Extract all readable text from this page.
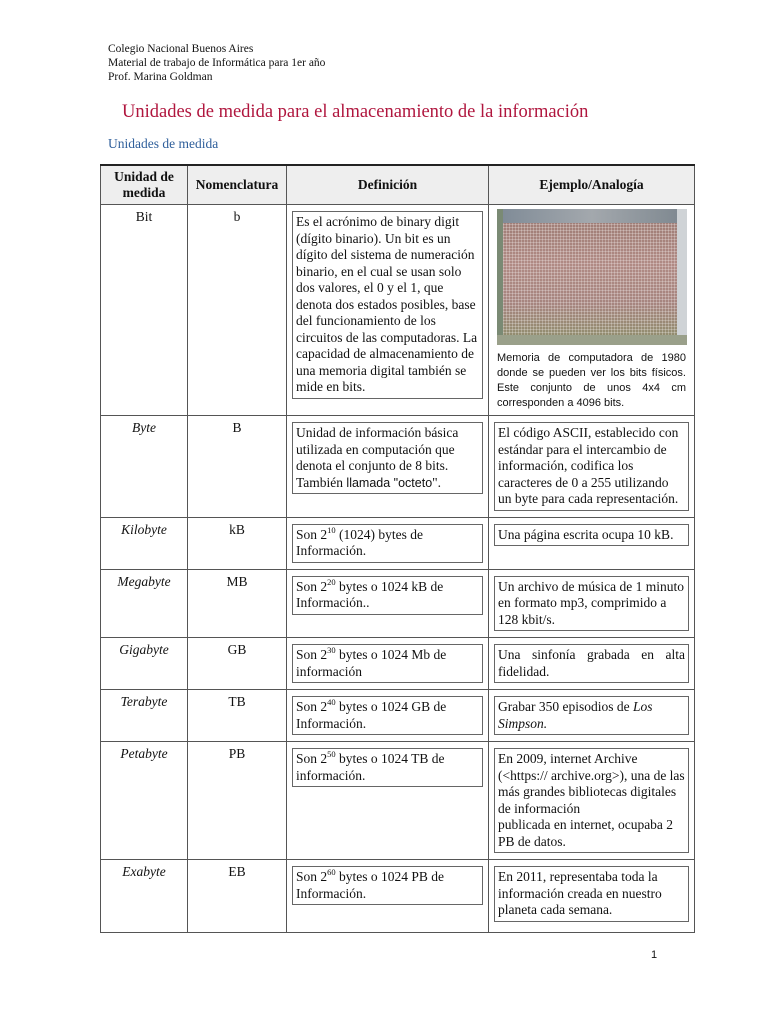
Colegio Nacional Buenos Aires
Material de trabajo de Informática para 1er año
Prof. Marina Goldman
Unidades de medida para el almacenamiento de la información
Unidades de medida
Unidad de medida	Nomenclatura	Definición	Ejemplo/Analogía
Bit	b	Es el acrónimo de binary digit (dígito binario). Un bit es un dígito del sistema de numeración binario, en el cual se usan solo dos valores, el 0 y el 1, que denota dos estados posibles, base del funcionamiento de los circuitos de las computadoras. La capacidad de almacenamiento de una memoria digital también se mide en bits.	Memoria de computadora de 1980 donde se pueden ver los bits físicos. Este conjunto de unos 4x4 cm corresponden a 4096 bits.

Byte	B	Unidad de información básica utilizada en computación que denota el conjunto de 8 bits. También llamada "octeto".	El código ASCII, establecido con estándar para el intercambio de información, codifica los caracteres de 0 a 255 utilizando un byte para cada representación.

Kilobyte	kB	Son $2^{10}$ (1024) bytes de Información.	Una página escrita ocupa 10 kB.

Megabyte	MB	Son $2^{20}$ bytes o 1024 kB de Información..	Un archivo de música de 1 minuto en formato mp3, comprimido a 128 kbit/s.

Gigabyte	GB	Son $2^{30}$ bytes o 1024 Mb de información	Una sinfonía grabada en alta fidelidad.

Terabyte	TB	Son $2^{40}$ bytes o 1024 GB de Información.	Grabar 350 episodios de Los Simpson.

Petabyte	PB	Son $2^{50}$ bytes o 1024 TB de información.	En 2009, internet Archive (<https:// archive.org>), una de las más grandes bibliotecas digitales de información
publicada en internet, ocupaba 2 PB de datos.

Exabyte	EB	Son $2^{60}$ bytes o 1024 PB de Información.	En 2011, representaba toda la información creada en nuestro planeta cada semana.
1
